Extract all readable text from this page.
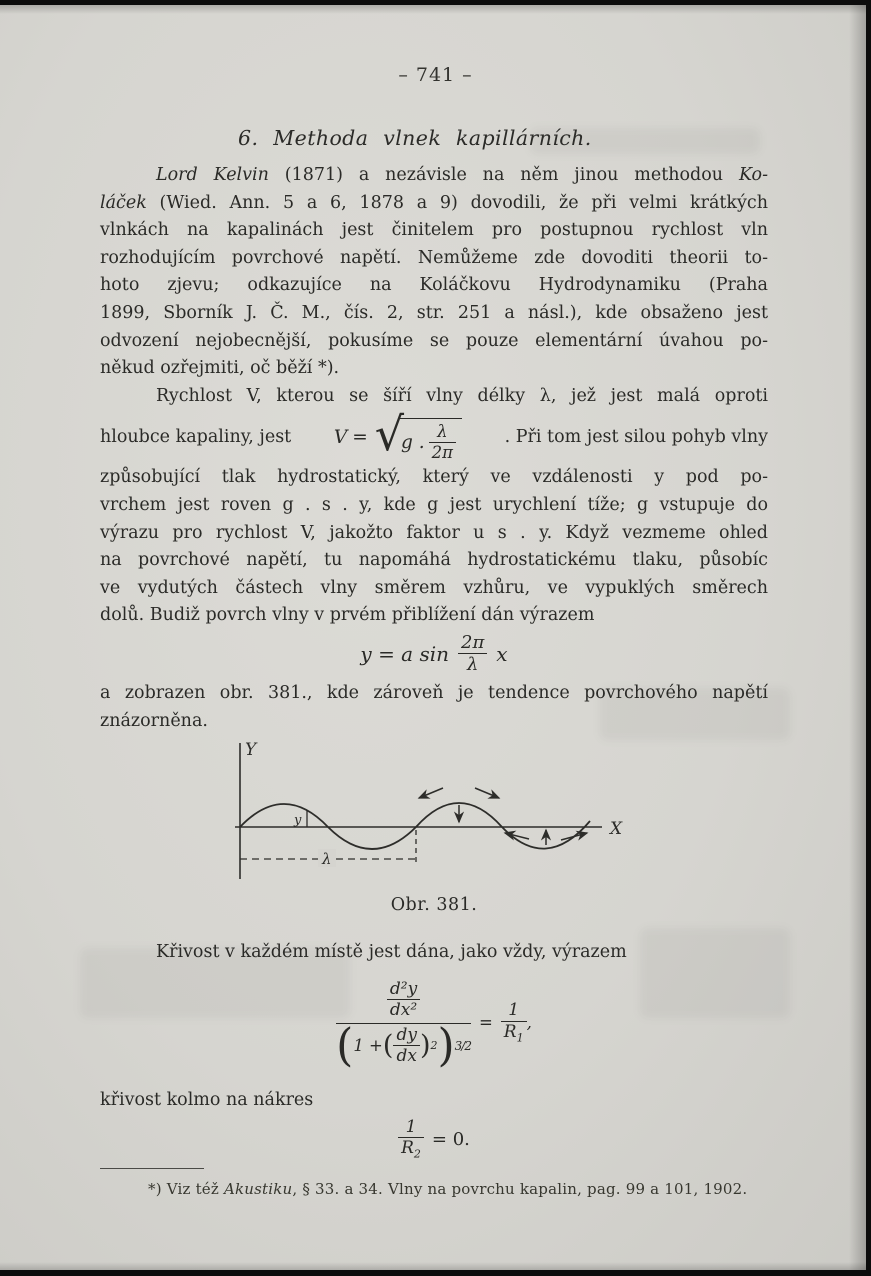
– 741 –
6. Methoda vlnek kapillárních.
Lord Kelvin (1871) a nezávisle na něm jinou methodou Ko-
láček (Wied. Ann. 5 a 6, 1878 a 9) dovodili, že při velmi krátkých
vlnkách na kapalinách jest činitelem pro postupnou rychlost vln
rozhodujícím povrchové napětí. Nemůžeme zde dovoditi theorii to-
hoto zjevu; odkazujíce na Koláčkovu Hydrodynamiku (Praha
1899, Sborník J. Č. M., čís. 2, str. 251 a násl.), kde obsaženo jest
odvození nejobecnější, pokusíme se pouze elementární úvahou po-
někud ozřejmiti, oč běží *).
Rychlost V, kterou se šíří vlny délky λ, jež jest malá oproti
hloubce kapaliny, jest V = √
g .
λ
2π
. Při tom jest silou pohyb vlny
způsobující tlak hydrostatický, který ve vzdálenosti y pod po-
vrchem jest roven g . s . y, kde g jest urychlení tíže; g vstupuje do
výrazu pro rychlost V, jakožto faktor u s . y. Když vezmeme ohled
na povrchové napětí, tu napomáhá hydrostatickému tlaku, působíc
ve vydutých částech vlny směrem vzhůru, ve vypuklých směrech
dolů. Budiž povrch vlny v prvém přiblížení dán výrazem
y = a sin 2π
λ x
a zobrazen obr. 381., kde zároveň je tendence povrchového napětí
znázorněna.
Y
X
y
λ
Obr. 381.
Křivost v každém místě jest dána, jako vždy, výrazem
$\frac{\text{d²y}}{\text{dx²}}$
( 1 + ( dy
dx ) 2 ) 3/2
= $\frac{1}{R_1}$ ,
křivost kolmo na nákres
$\frac{1}{R_2} = 0$.
*) Viz též Akustiku, § 33. a 34. Vlny na povrchu kapalin, pag. 99 a 101, 1902.
